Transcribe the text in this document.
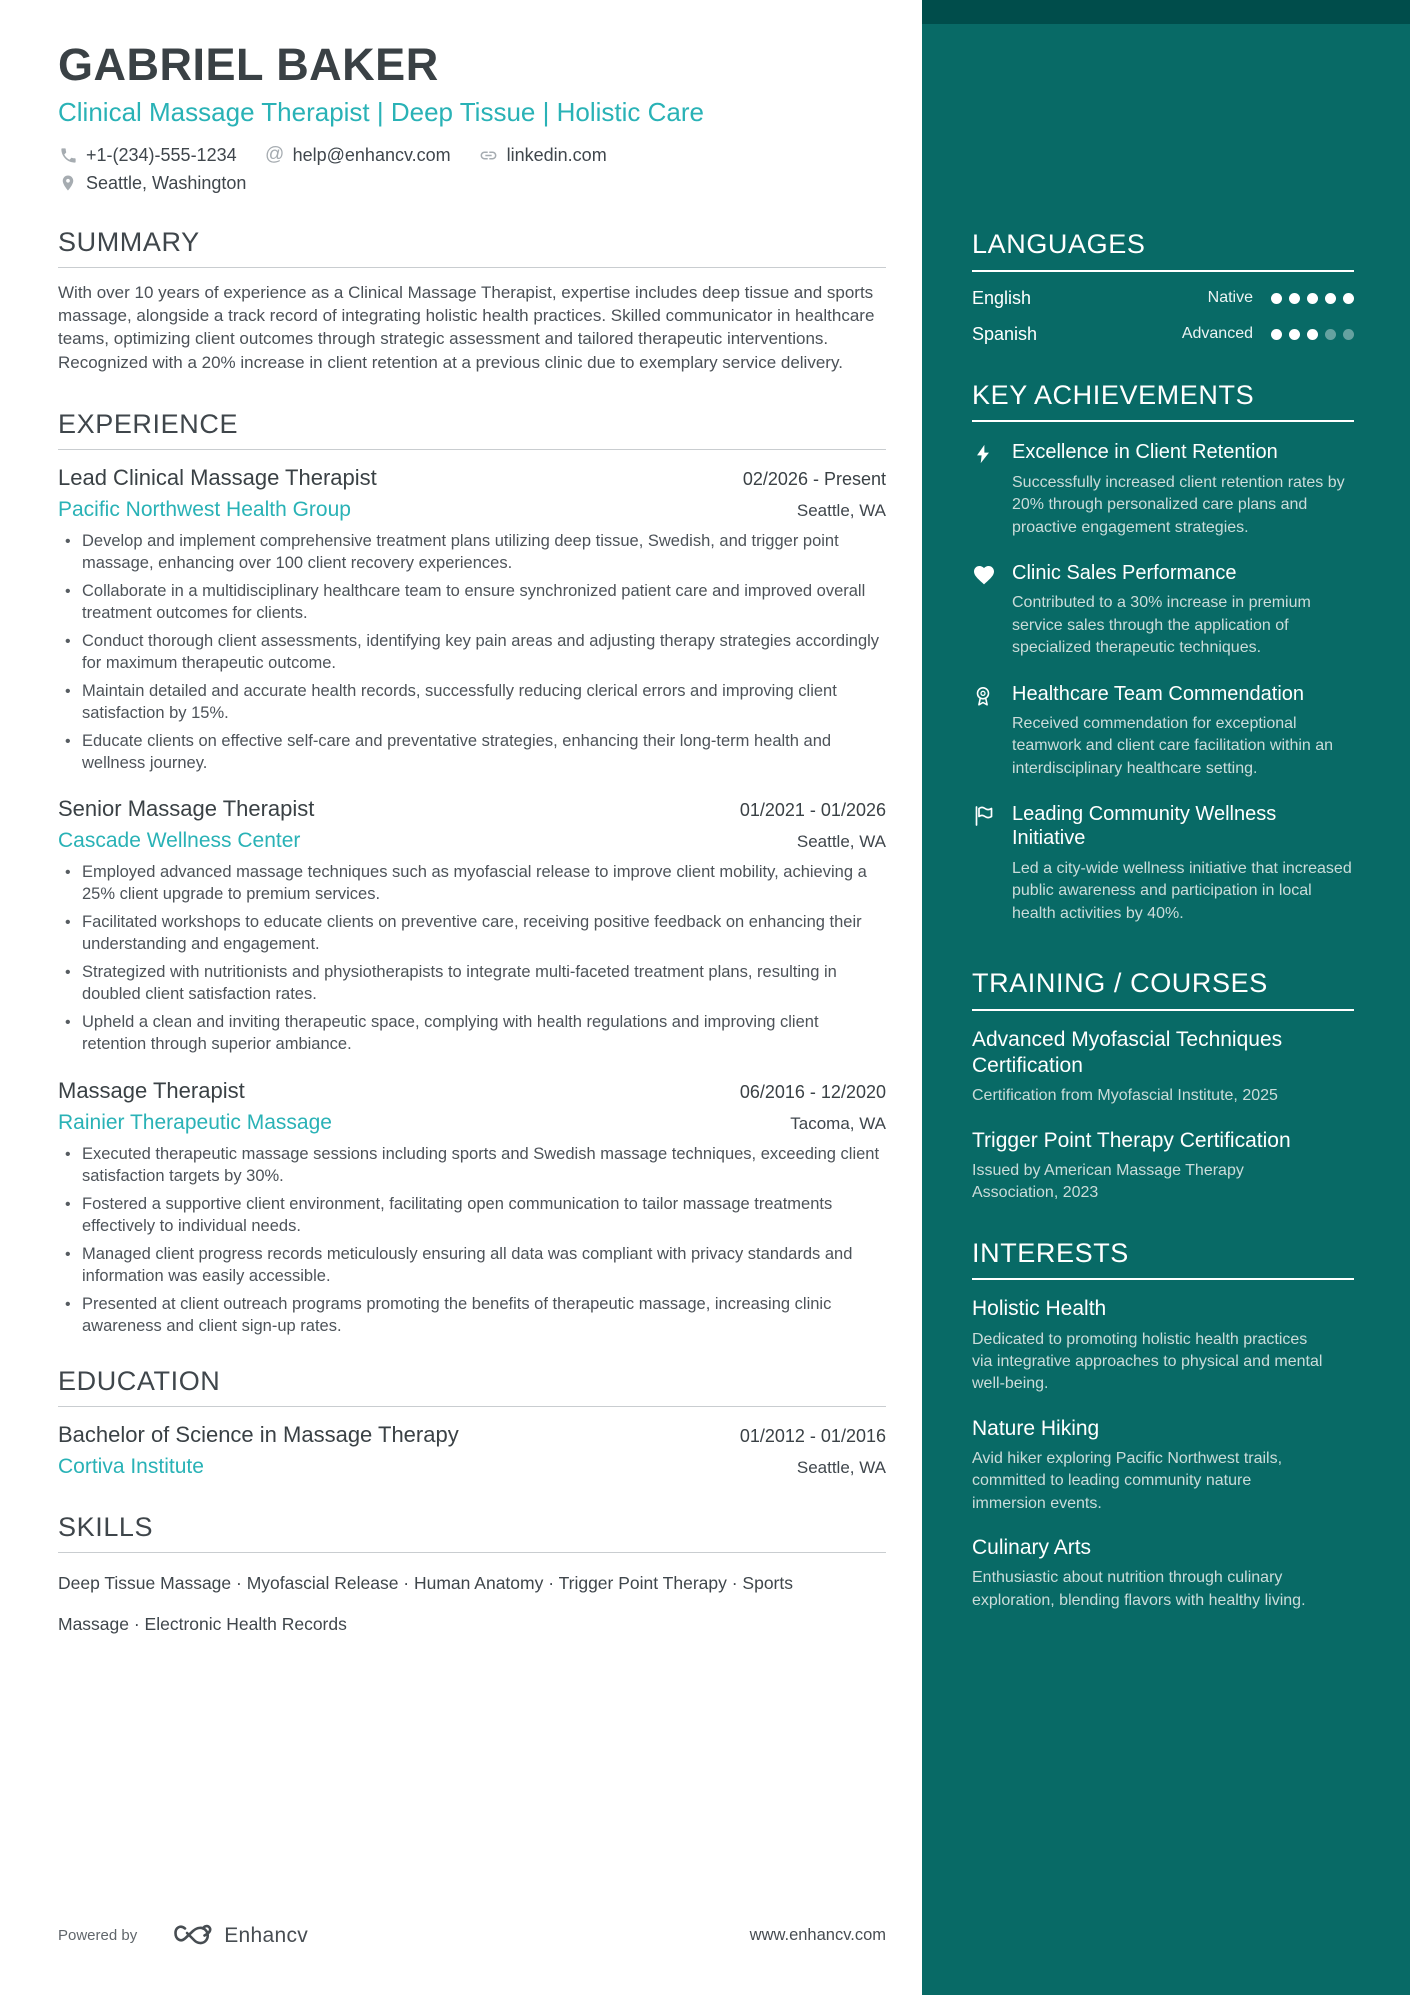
GABRIEL BAKER
Clinical Massage Therapist | Deep Tissue | Holistic Care
+1-(234)-555-1234 @ help@enhancv.com	linkedin.com
Seattle, Washington
SUMMARY

With over 10 years of experience as a Clinical Massage Therapist, expertise includes deep tissue and sports massage, alongside a track record of integrating holistic health practices. Skilled communicator in healthcare teams, optimizing client outcomes through strategic assessment and tailored therapeutic interventions. Recognized with a 20% increase in client retention at a previous clinic due to exemplary service delivery.

EXPERIENCE
Lead Clinical Massage Therapist	02/2026 - Present
Pacific Northwest Health Group	Seattle, WA
• Develop and implement comprehensive treatment plans utilizing deep tissue, Swedish, and trigger point massage, enhancing over 100 client recovery experiences.
• Collaborate in a multidisciplinary healthcare team to ensure synchronized patient care and improved overall treatment outcomes for clients.
• Conduct thorough client assessments, identifying key pain areas and adjusting therapy strategies accordingly for maximum therapeutic outcome.
• Maintain detailed and accurate health records, successfully reducing clerical errors and improving client satisfaction by 15%.
• Educate clients on effective self-care and preventative strategies, enhancing their long-term health and wellness journey.
Senior Massage Therapist	01/2021 - 01/2026
Cascade Wellness Center	Seattle, WA
• Employed advanced massage techniques such as myofascial release to improve client mobility, achieving a 25% client upgrade to premium services.
• Facilitated workshops to educate clients on preventive care, receiving positive feedback on enhancing their understanding and engagement.
• Strategized with nutritionists and physiotherapists to integrate multi-faceted treatment plans, resulting in doubled client satisfaction rates.
• Upheld a clean and inviting therapeutic space, complying with health regulations and improving client retention through superior ambiance.
Massage Therapist	06/2016 - 12/2020
Rainier Therapeutic Massage	Tacoma, WA
• Executed therapeutic massage sessions including sports and Swedish massage techniques, exceeding client satisfaction targets by 30%.
• Fostered a supportive client environment, facilitating open communication to tailor massage treatments effectively to individual needs.
• Managed client progress records meticulously ensuring all data was compliant with privacy standards and information was easily accessible.
• Presented at client outreach programs promoting the benefits of therapeutic massage, increasing clinic awareness and client sign-up rates.
EDUCATION
Bachelor of Science in Massage Therapy	01/2012 - 01/2016
Cortiva Institute	Seattle, WA
SKILLS

Deep Tissue Massage · Myofascial Release · Human Anatomy · Trigger Point Therapy · Sports Massage · Electronic Health Records

Powered by	Enhancv	www.enhancv.com
LANGUAGES
English	Native
Spanish	Advanced
KEY ACHIEVEMENTS
Excellence in Client Retention
Successfully increased client retention rates by 20% through personalized care plans and proactive engagement strategies.
Clinic Sales Performance
Contributed to a 30% increase in premium service sales through the application of specialized therapeutic techniques.
Healthcare Team Commendation
Received commendation for exceptional teamwork and client care facilitation within an interdisciplinary healthcare setting.
Leading Community Wellness Initiative
Led a city-wide wellness initiative that increased public awareness and participation in local health activities by 40%.
TRAINING / COURSES
Advanced Myofascial Techniques Certification
Certification from Myofascial Institute, 2025
Trigger Point Therapy Certification
Issued by American Massage Therapy Association, 2023
INTERESTS
Holistic Health
Dedicated to promoting holistic health practices via integrative approaches to physical and mental well-being.
Nature Hiking
Avid hiker exploring Pacific Northwest trails, committed to leading community nature immersion events.
Culinary Arts
Enthusiastic about nutrition through culinary exploration, blending flavors with healthy living.
